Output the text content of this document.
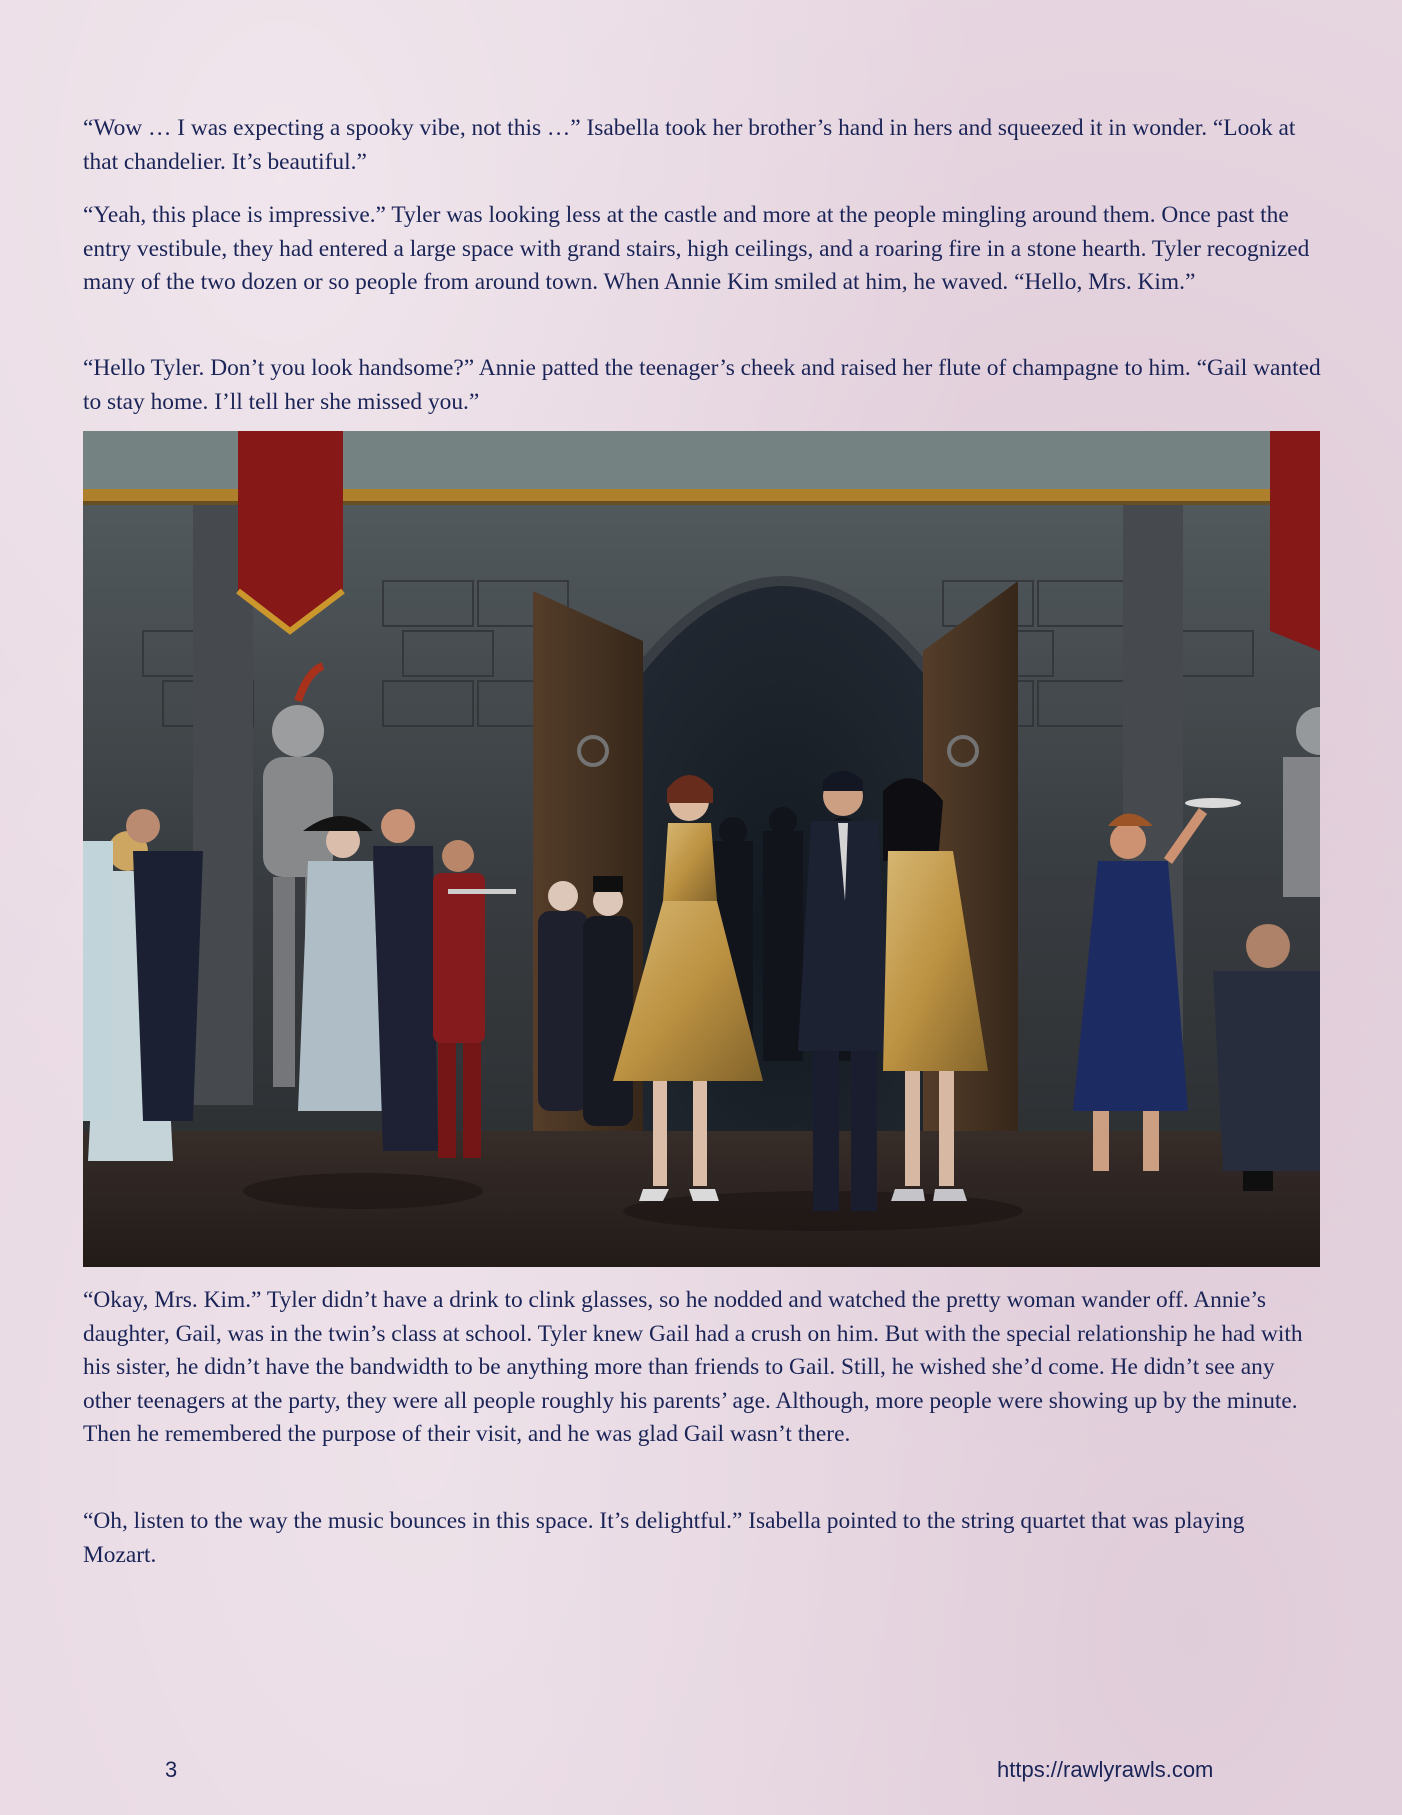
“Wow … I was expecting a spooky vibe, not this …” Isabella took her brother’s hand in hers and squeezed it in wonder. “Look at that chandelier. It’s beautiful.”

“Yeah, this place is impressive.” Tyler was looking less at the castle and more at the people mingling around them. Once past the entry vestibule, they had entered a large space with grand stairs, high ceilings, and a roaring fire in a stone hearth. Tyler recognized many of the two dozen or so people from around town. When Annie Kim smiled at him, he waved. “Hello, Mrs. Kim.”

“Hello Tyler. Don’t you look handsome?” Annie patted the teenager’s cheek and raised her flute of champagne to him. “Gail wanted to stay home. I’ll tell her she missed you.”

“Okay, Mrs. Kim.” Tyler didn’t have a drink to clink glasses, so he nodded and watched the pretty woman wander off. Annie’s daughter, Gail, was in the twin’s class at school. Tyler knew Gail had a crush on him. But with the special relationship he had with his sister, he didn’t have the bandwidth to be anything more than friends to Gail. Still, he wished she’d come. He didn’t see any other teenagers at the party, they were all people roughly his parents’ age. Although, more people were showing up by the minute. Then he remembered the purpose of their visit, and he was glad Gail wasn’t there.

“Oh, listen to the way the music bounces in this space. It’s delightful.” Isabella pointed to the string quartet that was playing Mozart.

3	https://rawlyrawls.com
